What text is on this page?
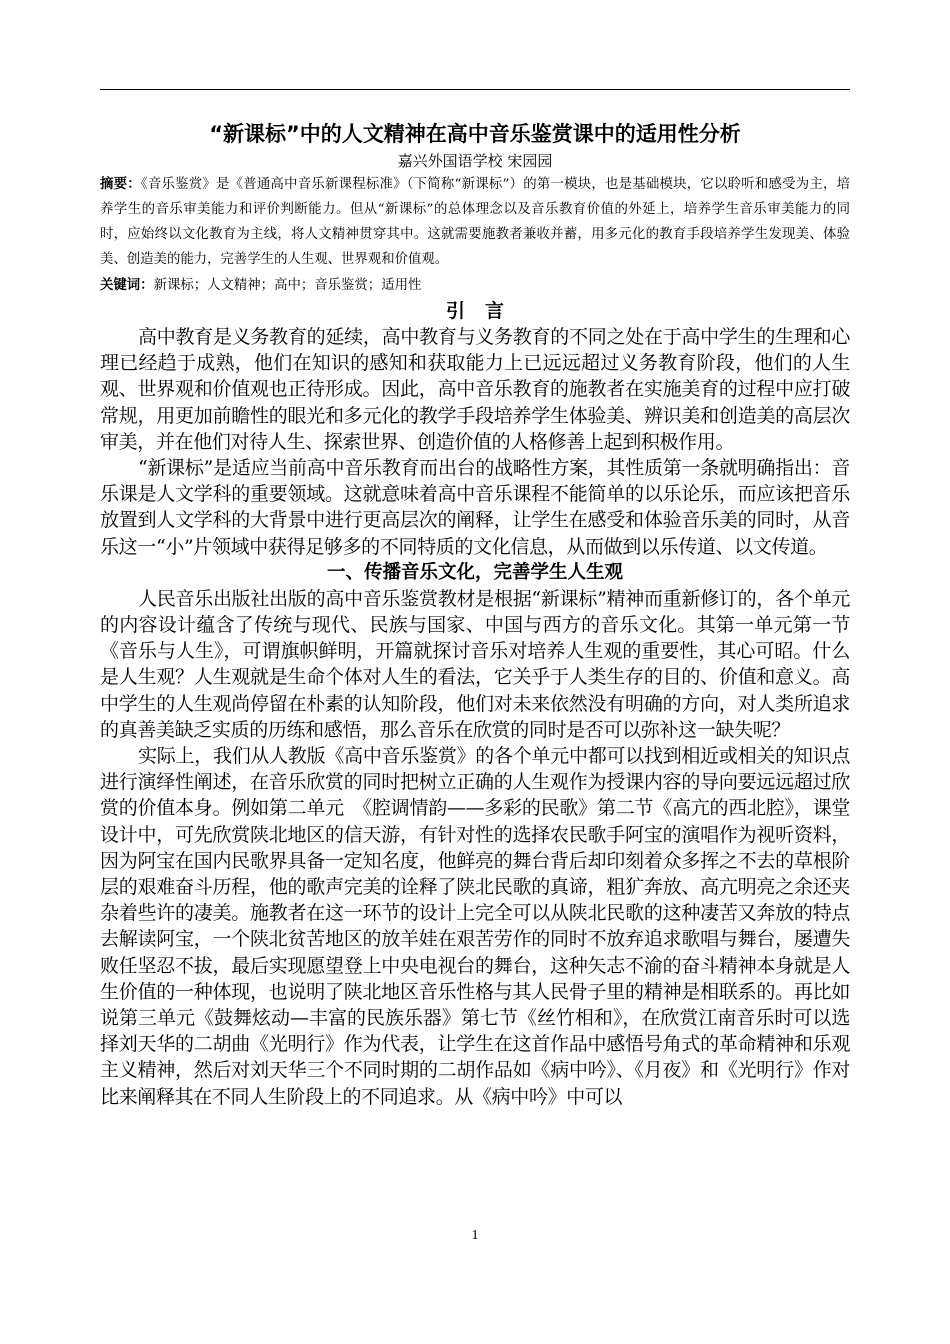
“新课标”中的人文精神在高中音乐鉴赏课中的适用性分析

嘉兴外国语学校 宋园园

摘要：《音乐鉴赏》是《普通高中音乐新课程标准》（下简称“新课标”）的第一模块，也是基础模块，它以聆听和感受为主，培养学生的音乐审美能力和评价判断能力。但从“新课标”的总体理念以及音乐教育价值的外延上，培养学生音乐审美能力的同时，应始终以文化教育为主线，将人文精神贯穿其中。这就需要施教者兼收并蓄，用多元化的教育手段培养学生发现美、体验美、创造美的能力，完善学生的人生观、世界观和价值观。

关键词：新课标；人文精神；高中；音乐鉴赏；适用性

引言

高中教育是义务教育的延续，高中教育与义务教育的不同之处在于高中学生的生理和心理已经趋于成熟，他们在知识的感知和获取能力上已远远超过义务教育阶段，他们的人生观、世界观和价值观也正待形成。因此，高中音乐教育的施教者在实施美育的过程中应打破常规，用更加前瞻性的眼光和多元化的教学手段培养学生体验美、辨识美和创造美的高层次审美，并在他们对待人生、探索世界、创造价值的人格修善上起到积极作用。

“新课标”是适应当前高中音乐教育而出台的战略性方案，其性质第一条就明确指出：音乐课是人文学科的重要领域。这就意味着高中音乐课程不能简单的以乐论乐，而应该把音乐放置到人文学科的大背景中进行更高层次的阐释，让学生在感受和体验音乐美的同时，从音乐这一“小”片领域中获得足够多的不同特质的文化信息，从而做到以乐传道、以文传道。

一、传播音乐文化，完善学生人生观

人民音乐出版社出版的高中音乐鉴赏教材是根据“新课标”精神而重新修订的，各个单元的内容设计蕴含了传统与现代、民族与国家、中国与西方的音乐文化。其第一单元第一节《音乐与人生》，可谓旗帜鲜明，开篇就探讨音乐对培养人生观的重要性，其心可昭。什么是人生观？人生观就是生命个体对人生的看法，它关乎于人类生存的目的、价值和意义。高中学生的人生观尚停留在朴素的认知阶段，他们对未来依然没有明确的方向，对人类所追求的真善美缺乏实质的历练和感悟，那么音乐在欣赏的同时是否可以弥补这一缺失呢？

实际上，我们从人教版《高中音乐鉴赏》的各个单元中都可以找到相近或相关的知识点进行演绎性阐述，在音乐欣赏的同时把树立正确的人生观作为授课内容的导向要远远超过欣赏的价值本身。例如第二单元　《腔调情韵——多彩的民歌》第二节《高亢的西北腔》，课堂设计中，可先欣赏陕北地区的信天游，有针对性的选择农民歌手阿宝的演唱作为视听资料，因为阿宝在国内民歌界具备一定知名度，他鲜亮的舞台背后却印刻着众多挥之不去的草根阶层的艰难奋斗历程，他的歌声完美的诠释了陕北民歌的真谛，粗犷奔放、高亢明亮之余还夹杂着些许的凄美。施教者在这一环节的设计上完全可以从陕北民歌的这种凄苦又奔放的特点去解读阿宝，一个陕北贫苦地区的放羊娃在艰苦劳作的同时不放弃追求歌唱与舞台，屡遭失败任坚忍不拔，最后实现愿望登上中央电视台的舞台，这种矢志不渝的奋斗精神本身就是人生价值的一种体现，也说明了陕北地区音乐性格与其人民骨子里的精神是相联系的。再比如说第三单元《鼓舞炫动—丰富的民族乐器》第七节《丝竹相和》，在欣赏江南音乐时可以选择刘天华的二胡曲《光明行》作为代表，让学生在这首作品中感悟号角式的革命精神和乐观主义精神，然后对刘天华三个不同时期的二胡作品如《病中吟》、《月夜》和《光明行》作对比来阐释其在不同人生阶段上的不同追求。从《病中吟》中可以

1
